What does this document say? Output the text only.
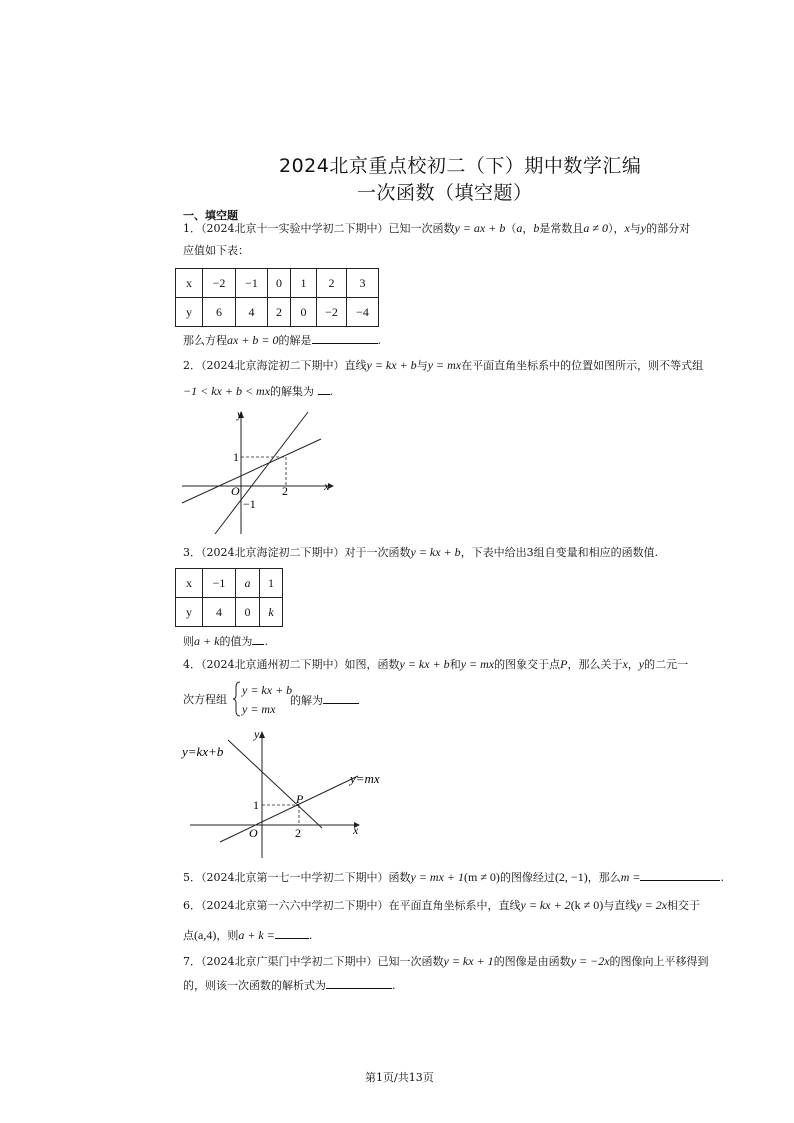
2024北京重点校初二（下）期中数学汇编
一次函数（填空题）
一、填空题
1．（2024北京十一实验中学初二下期中）已知一次函数y = ax + b（a，b是常数且a ≠ 0），x与y的部分对
应值如下表：
x	−2	−1	0	1	2	3
y	6	4	2	0	−2	−4
那么方程ax + b = 0的解是	.
2．（2024北京海淀初二下期中）直线y = kx + b与y = mx在平面直角坐标系中的位置如图所示，则不等式组
−1 < kx + b < mx的解集为 .
y
x
O	2
1
−1
3．（2024北京海淀初二下期中）对于一次函数y = kx + b，下表中给出3组自变量和相应的函数值.
x	−1	a	1
y	4	0	k
则a + k的值为 .
4．（2024北京通州初二下期中）如图，函数y = kx + b和y = mx的图象交于点P，那么关于x，y的二元一
次方程组
y = kx + b
y = mx
的解为
y=kx+b
y=mx
y
x
O
P
2
1
5．（2024北京第一七一中学初二下期中）函数y = mx + 1(m ≠ 0)的图像经过(2, −1)，那么m =	.
6．（2024北京第一六六中学初二下期中）在平面直角坐标系中，直线y = kx + 2(k ≠ 0)与直线y = 2x相交于
点(a,4)，则a + k =	.
7．（2024北京广渠门中学初二下期中）已知一次函数y = kx + 1的图像是由函数y = −2x的图像向上平移得到
的，则该一次函数的解析式为	.
第1页/共13页
